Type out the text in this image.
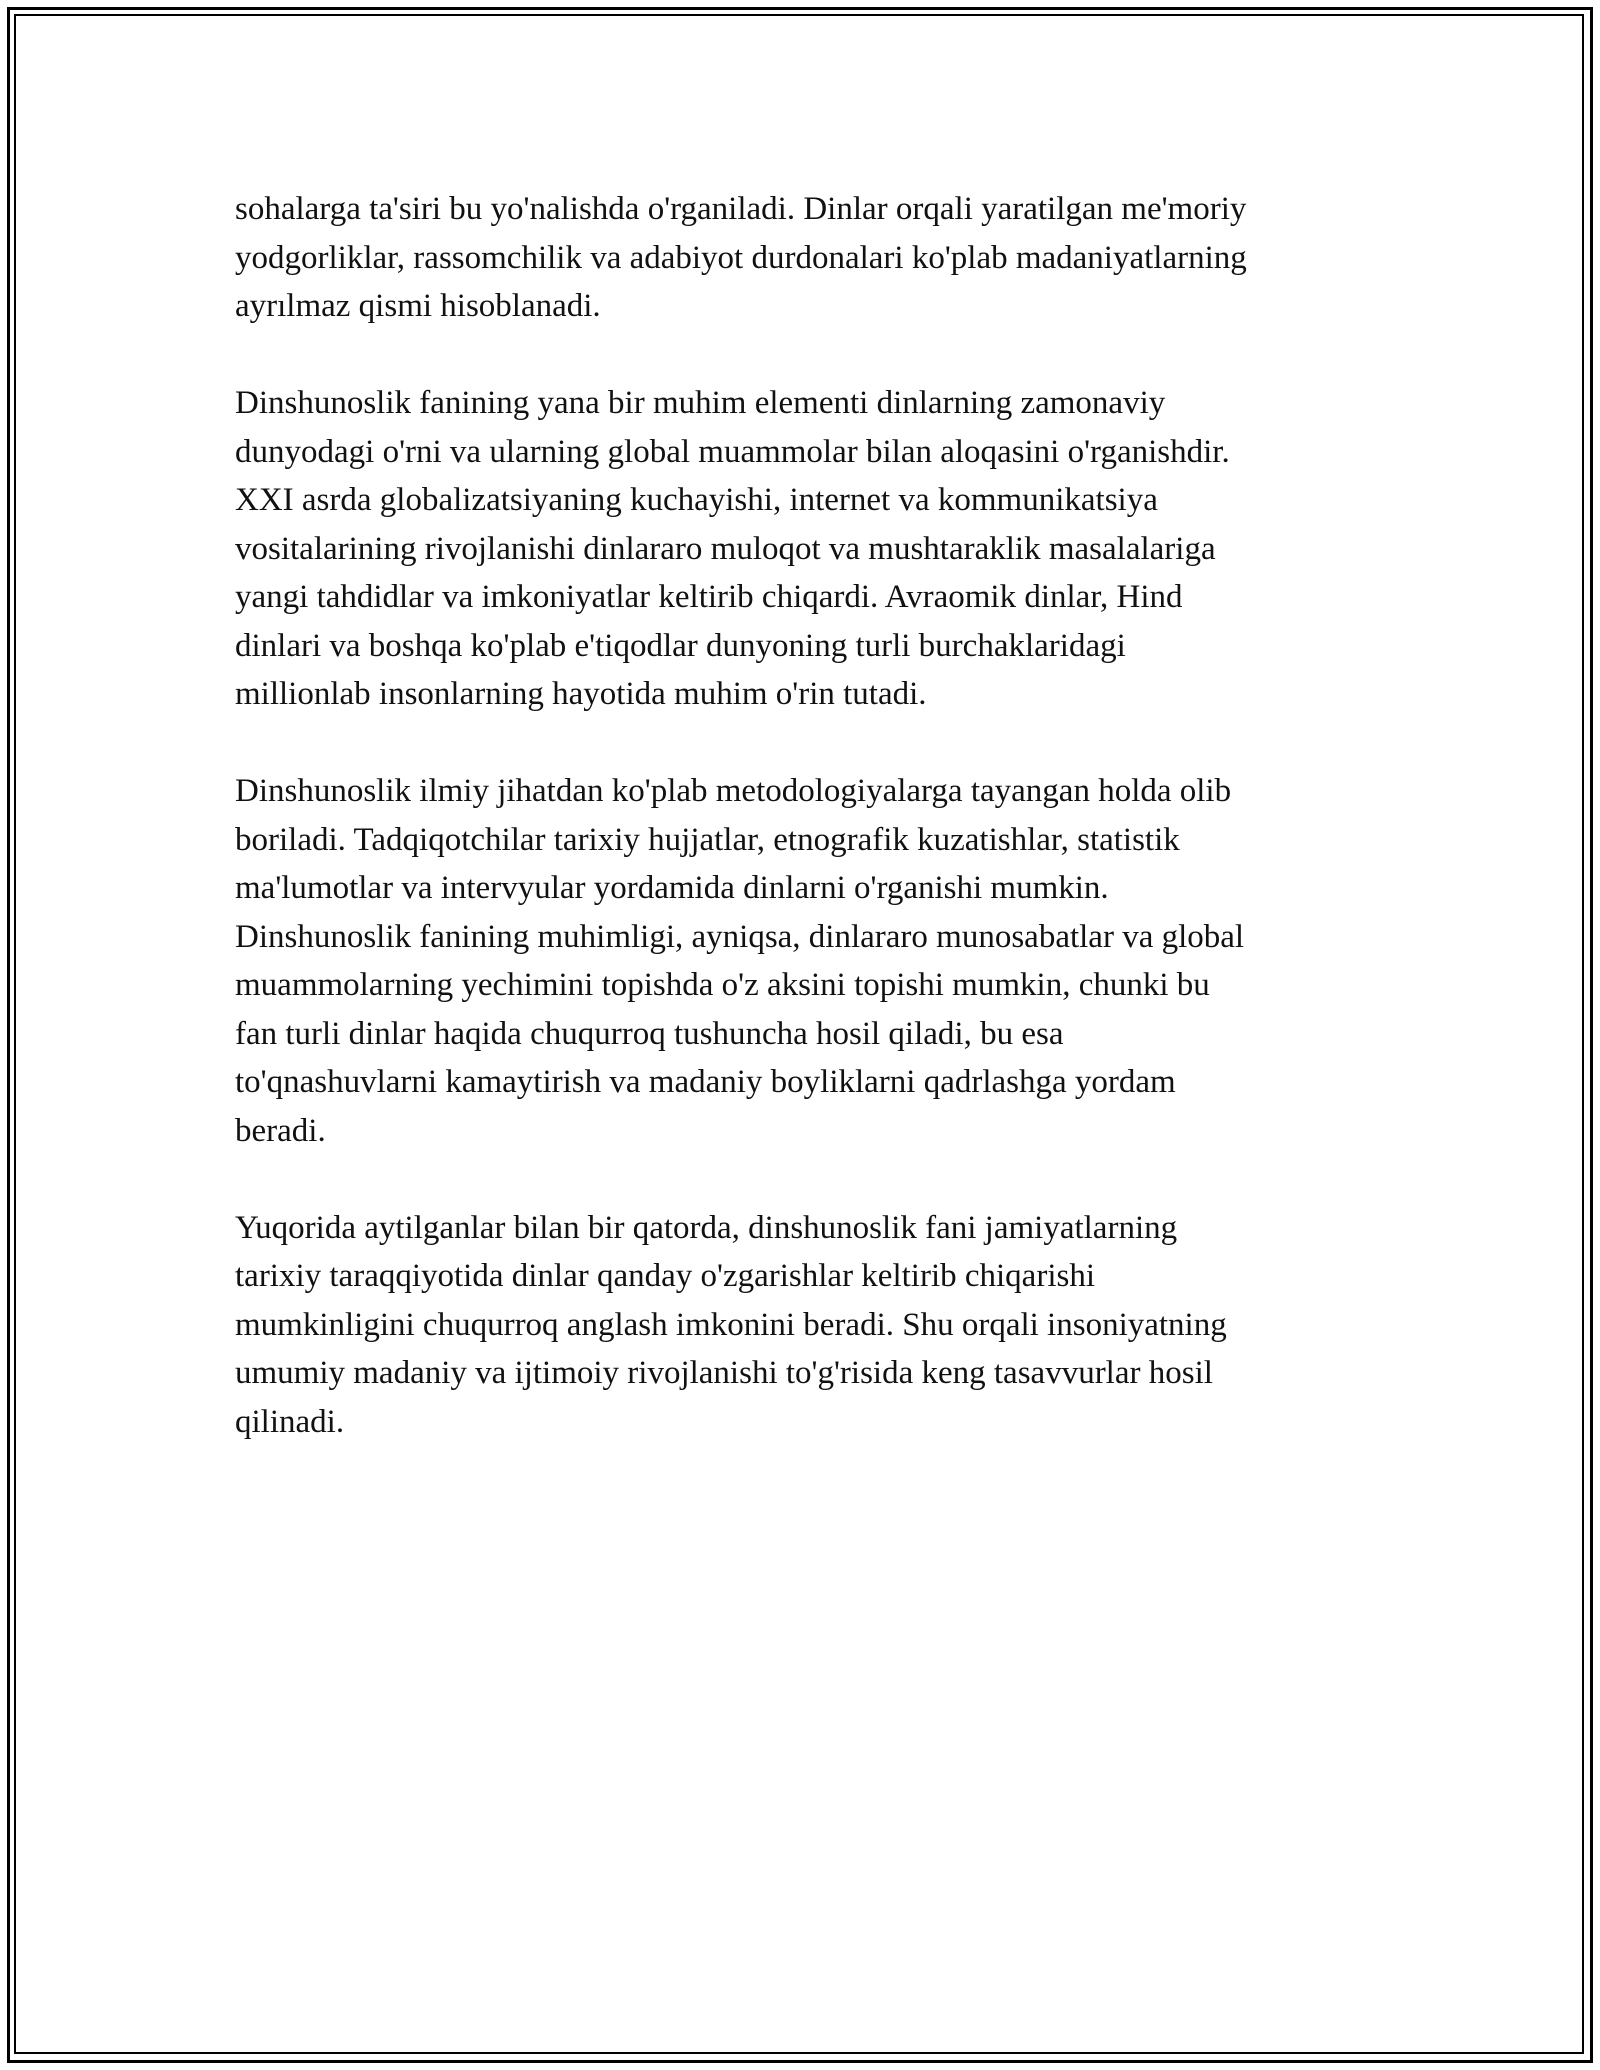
sohalarga ta'siri bu yo'nalishda o'rganiladi. Dinlar orqali yaratilgan me'moriy
yodgorliklar, rassomchilik va adabiyot durdonalari ko'plab madaniyatlarning
ayrılmaz qismi hisoblanadi.

Dinshunoslik fanining yana bir muhim elementi dinlarning zamonaviy
dunyodagi o'rni va ularning global muammolar bilan aloqasini o'rganishdir.
XXI asrda globalizatsiyaning kuchayishi, internet va kommunikatsiya
vositalarining rivojlanishi dinlararo muloqot va mushtaraklik masalalariga
yangi tahdidlar va imkoniyatlar keltirib chiqardi. Avraomik dinlar, Hind
dinlari va boshqa ko'plab e'tiqodlar dunyoning turli burchaklaridagi
millionlab insonlarning hayotida muhim o'rin tutadi.

Dinshunoslik ilmiy jihatdan ko'plab metodologiyalarga tayangan holda olib
boriladi. Tadqiqotchilar tarixiy hujjatlar, etnografik kuzatishlar, statistik
ma'lumotlar va intervyular yordamida dinlarni o'rganishi mumkin.
Dinshunoslik fanining muhimligi, ayniqsa, dinlararo munosabatlar va global
muammolarning yechimini topishda o'z aksini topishi mumkin, chunki bu
fan turli dinlar haqida chuqurroq tushuncha hosil qiladi, bu esa
to'qnashuvlarni kamaytirish va madaniy boyliklarni qadrlashga yordam
beradi.

Yuqorida aytilganlar bilan bir qatorda, dinshunoslik fani jamiyatlarning
tarixiy taraqqiyotida dinlar qanday o'zgarishlar keltirib chiqarishi
mumkinligini chuqurroq anglash imkonini beradi. Shu orqali insoniyatning
umumiy madaniy va ijtimoiy rivojlanishi to'g'risida keng tasavvurlar hosil
qilinadi.
